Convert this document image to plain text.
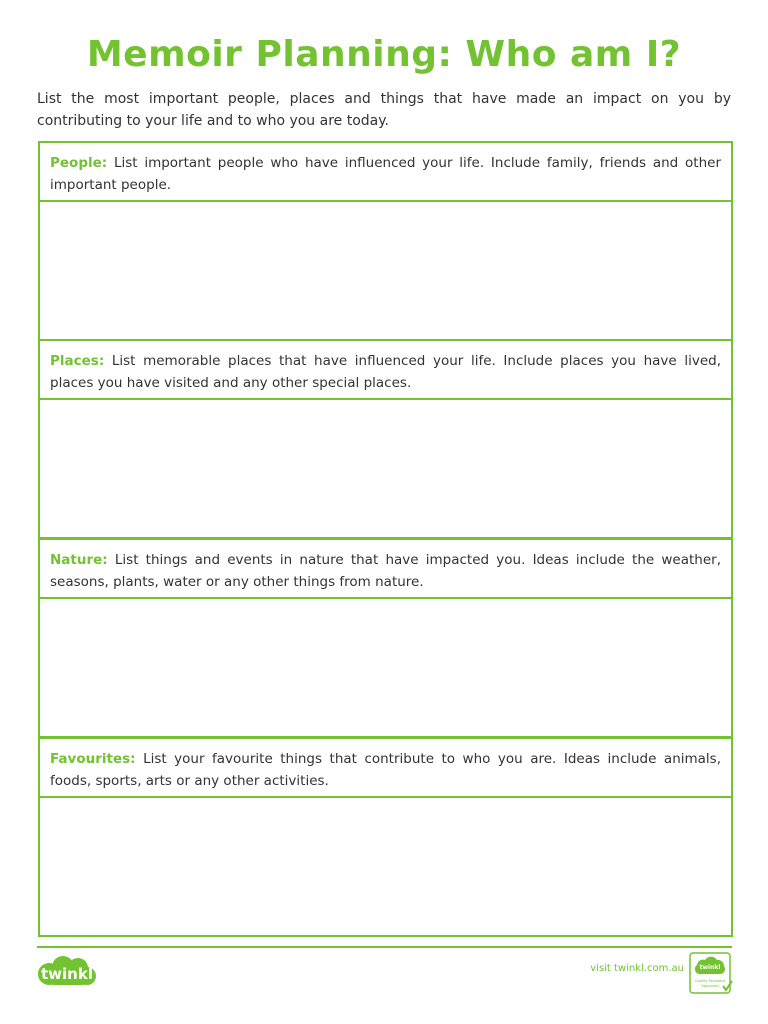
Memoir Planning: Who am I?

List the most important people, places and things that have made an impact on you by contributing to your life and to who you are today.

People: List important people who have influenced your life. Include family, friends and other important people.
Places: List memorable places that have influenced your life. Include places you have lived, places you have visited and any other special places.
Nature: List things and events in nature that have impacted you. Ideas include the weather, seasons, plants, water or any other things from nature.
Favourites: List your favourite things that contribute to who you are. Ideas include animals, foods, sports, arts or any other activities.
twinkl	visit twinkl.com.au	twinkl
Quality Standard
Approved
